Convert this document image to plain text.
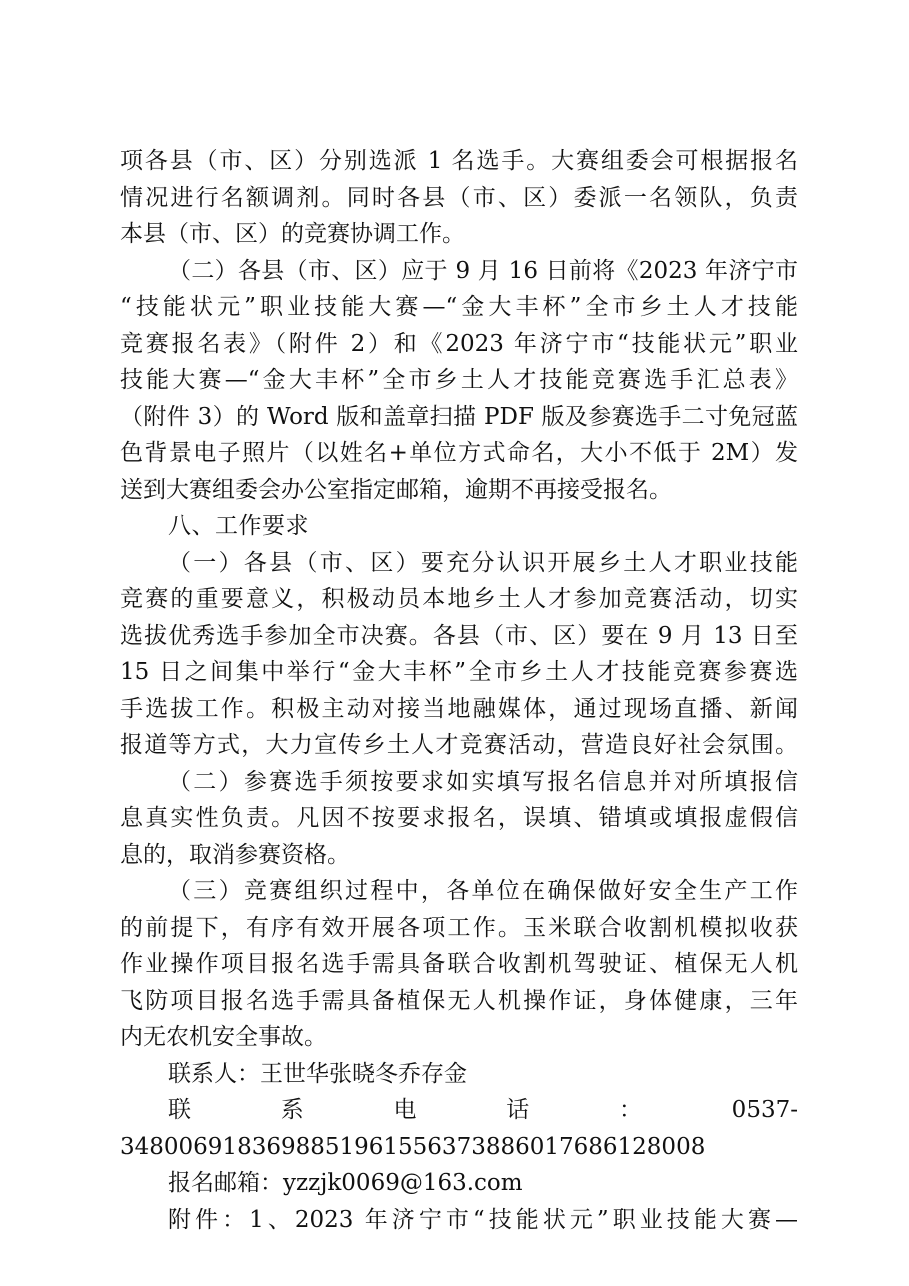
项各县（市、区）分别选派 1 名选手。大赛组委会可根据报名
情况进行名额调剂。同时各县（市、区）委派一名领队，负责
本县（市、区）的竞赛协调工作。
（二）各县（市、区）应于 9 月 16 日前将《2023 年济宁市
“技能状元”职业技能大赛—“金大丰杯”全市乡土人才技能
竞赛报名表》（附件 2）和《2023 年济宁市“技能状元”职业
技能大赛—“金大丰杯”全市乡土人才技能竞赛选手汇总表》
（附件 3）的 Word 版和盖章扫描 PDF 版及参赛选手二寸免冠蓝
色背景电子照片（以姓名+单位方式命名，大小不低于 2M）发
送到大赛组委会办公室指定邮箱，逾期不再接受报名。
八、工作要求
（一）各县（市、区）要充分认识开展乡土人才职业技能
竞赛的重要意义，积极动员本地乡土人才参加竞赛活动，切实
选拔优秀选手参加全市决赛。各县（市、区）要在 9 月 13 日至
15 日之间集中举行“金大丰杯”全市乡土人才技能竞赛参赛选
手选拔工作。积极主动对接当地融媒体，通过现场直播、新闻
报道等方式，大力宣传乡土人才竞赛活动，营造良好社会氛围。
（二）参赛选手须按要求如实填写报名信息并对所填报信
息真实性负责。凡因不按要求报名，误填、错填或填报虚假信
息的，取消参赛资格。
（三）竞赛组织过程中，各单位在确保做好安全生产工作
的前提下，有序有效开展各项工作。玉米联合收割机模拟收获
作业操作项目报名选手需具备联合收割机驾驶证、植保无人机
飞防项目报名选手需具备植保无人机操作证，身体健康，三年
内无农机安全事故。
联系人：王世华张晓冬乔存金
联 系 电 话 ： 0537-
3480069183698851961556373886017686128008
报名邮箱：yzzjk0069@163.com
附件：1、2023 年济宁市“技能状元”职业技能大赛—
